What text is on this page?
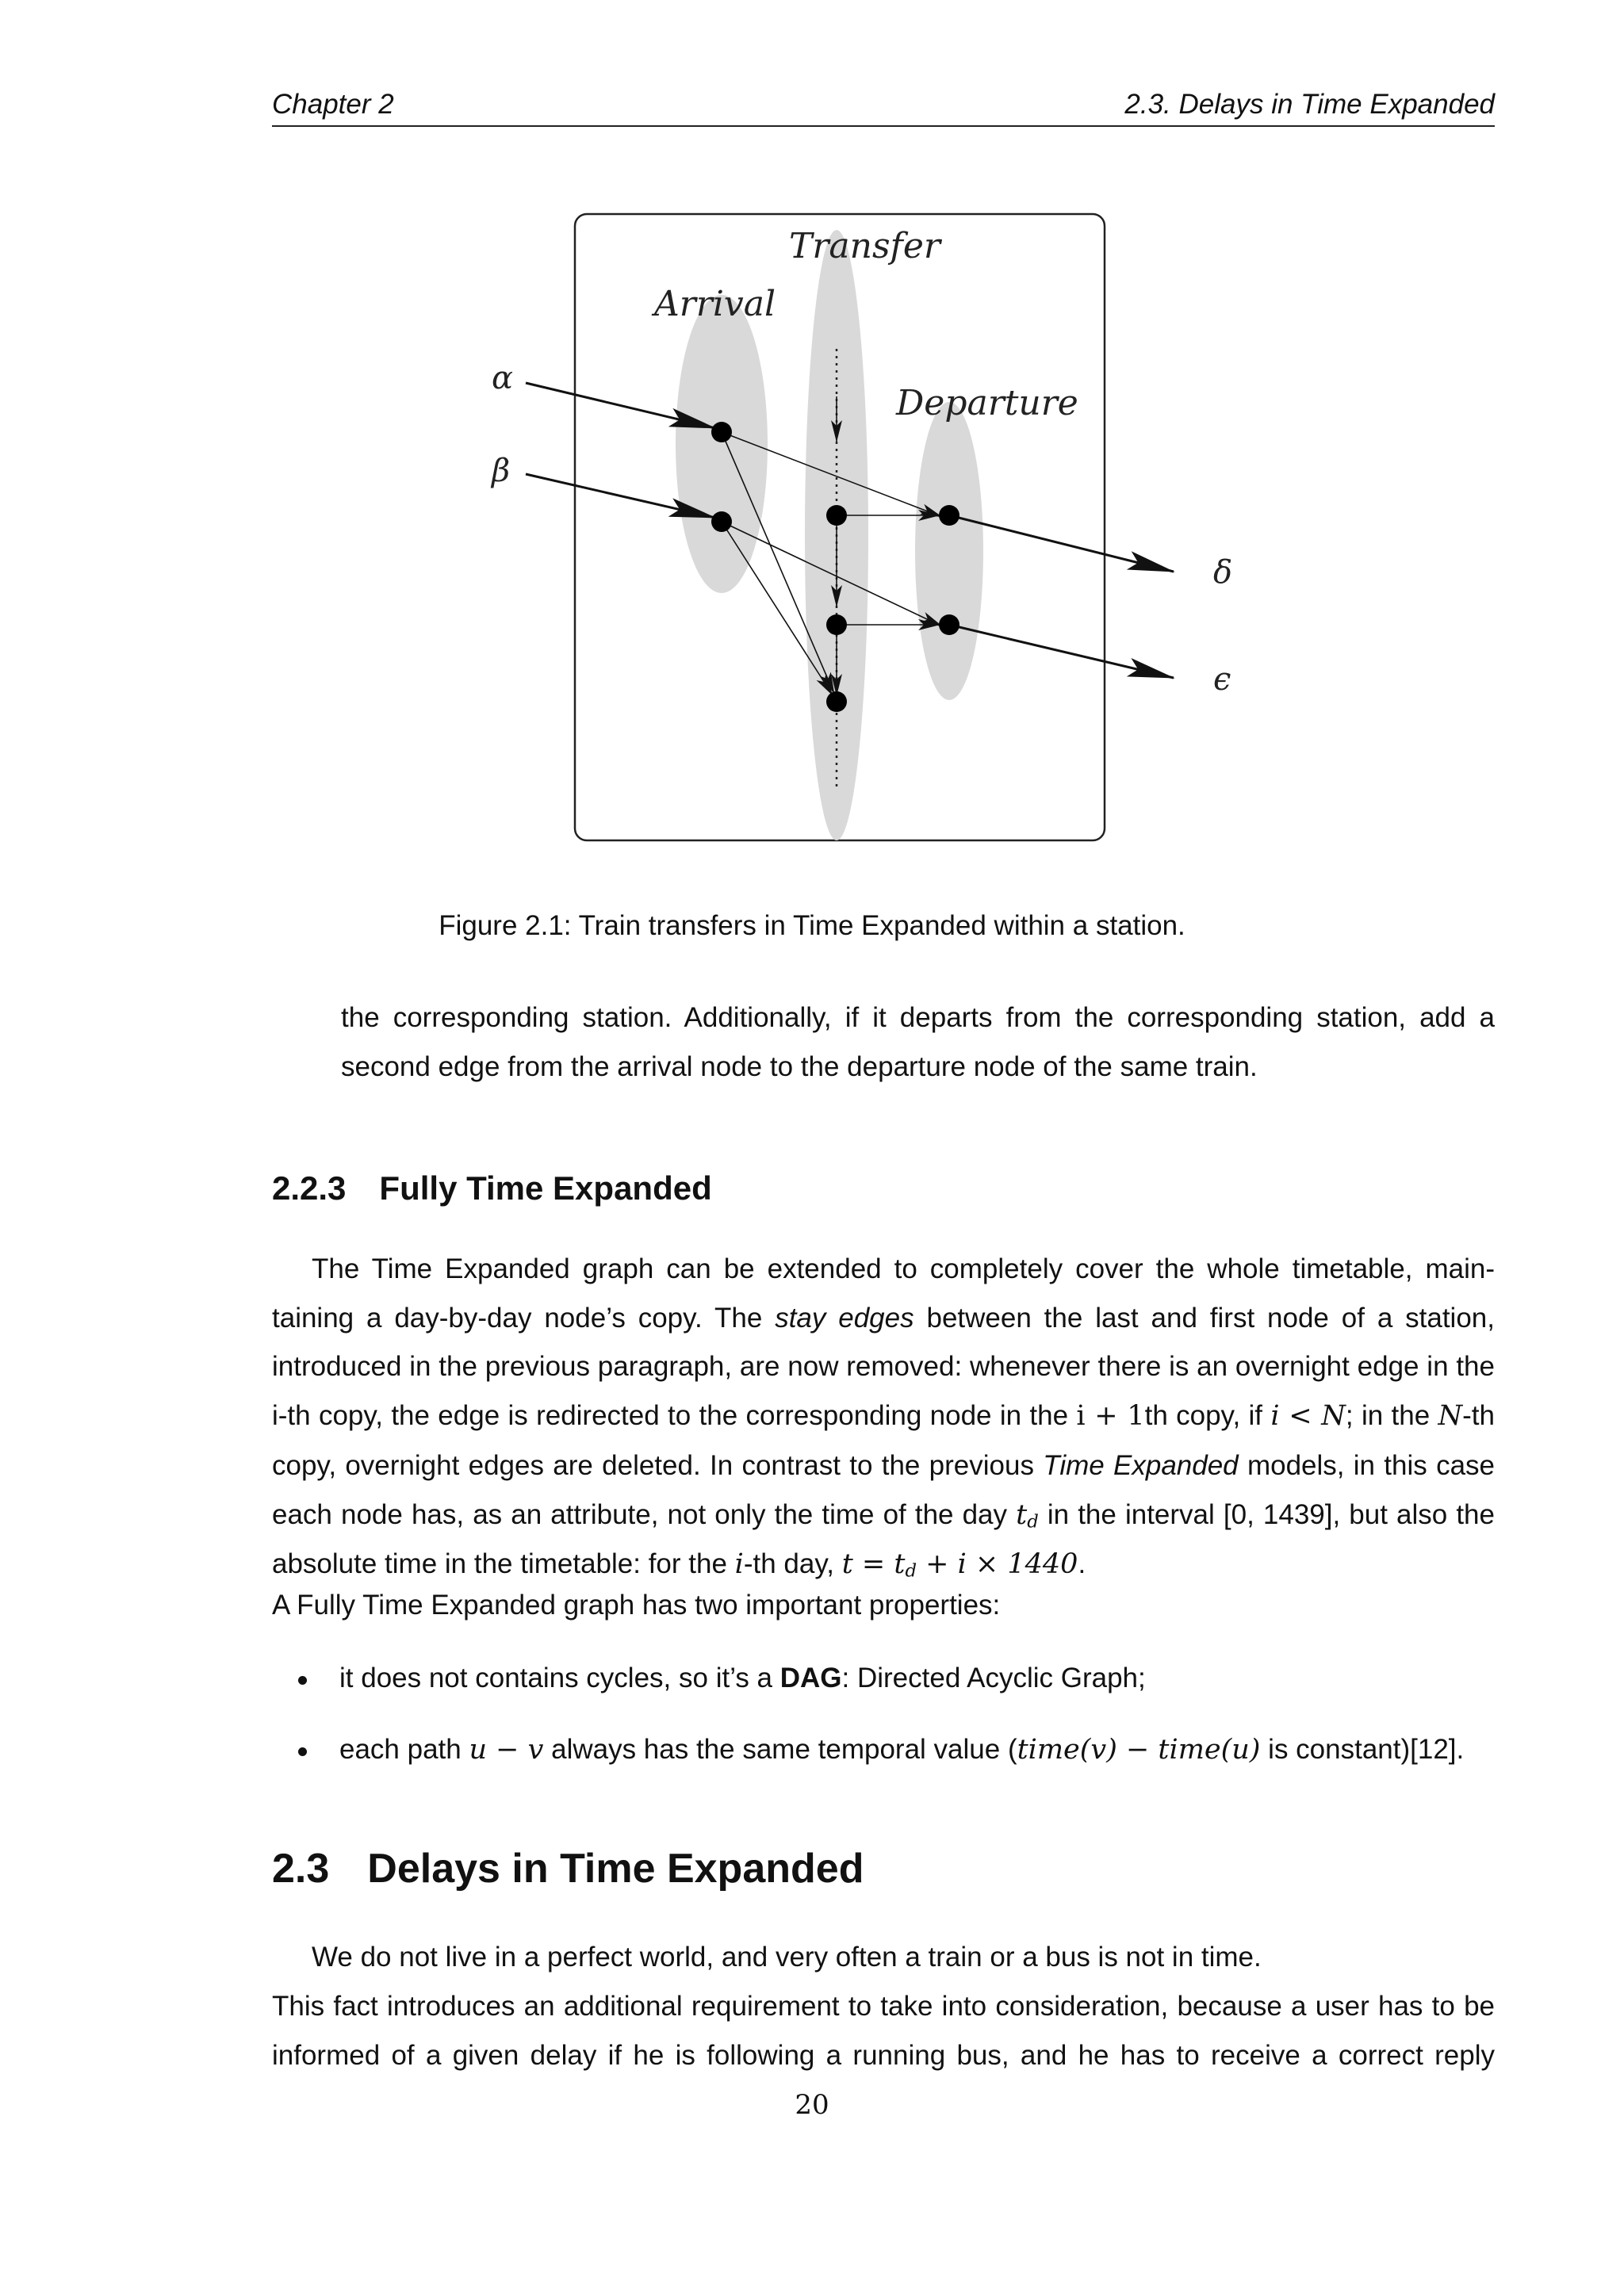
Chapter 2	2.3. Delays in Time Expanded
Arrival
Transfer
Departure
α
β
δ
ϵ
Figure 2.1: Train transfers in Time Expanded within a station.
the corresponding station. Additionally, if it departs from the corresponding station, add a
second edge from the arrival node to the departure node of the same train.
2.2.3 Fully Time Expanded
The Time Expanded graph can be extended to completely cover the whole timetable, main-taining a day-by-day node’s copy. The stay edges between the last and first node of a station, introduced in the previous paragraph, are now removed: whenever there is an overnight edge in the i-th copy, the edge is redirected to the corresponding node in the i + 1th copy, if i < N; in the N-th copy, overnight edges are deleted. In contrast to the previous Time Expanded models, in this case each node has, as an attribute, not only the time of the day $t_d$ in the interval [0, 1439], but also the absolute time in the timetable: for the i-th day, $t = t_d + i \times 1440$.
A Fully Time Expanded graph has two important properties:
it does not contains cycles, so it’s a DAG: Directed Acyclic Graph;
each path u − v always has the same temporal value (time(v) − time(u) is constant)[12].
2.3 Delays in Time Expanded
We do not live in a perfect world, and very often a train or a bus is not in time.
This fact introduces an additional requirement to take into consideration, because a user has to be informed of a given delay if he is following a running bus, and he has to receive a correct reply
20
